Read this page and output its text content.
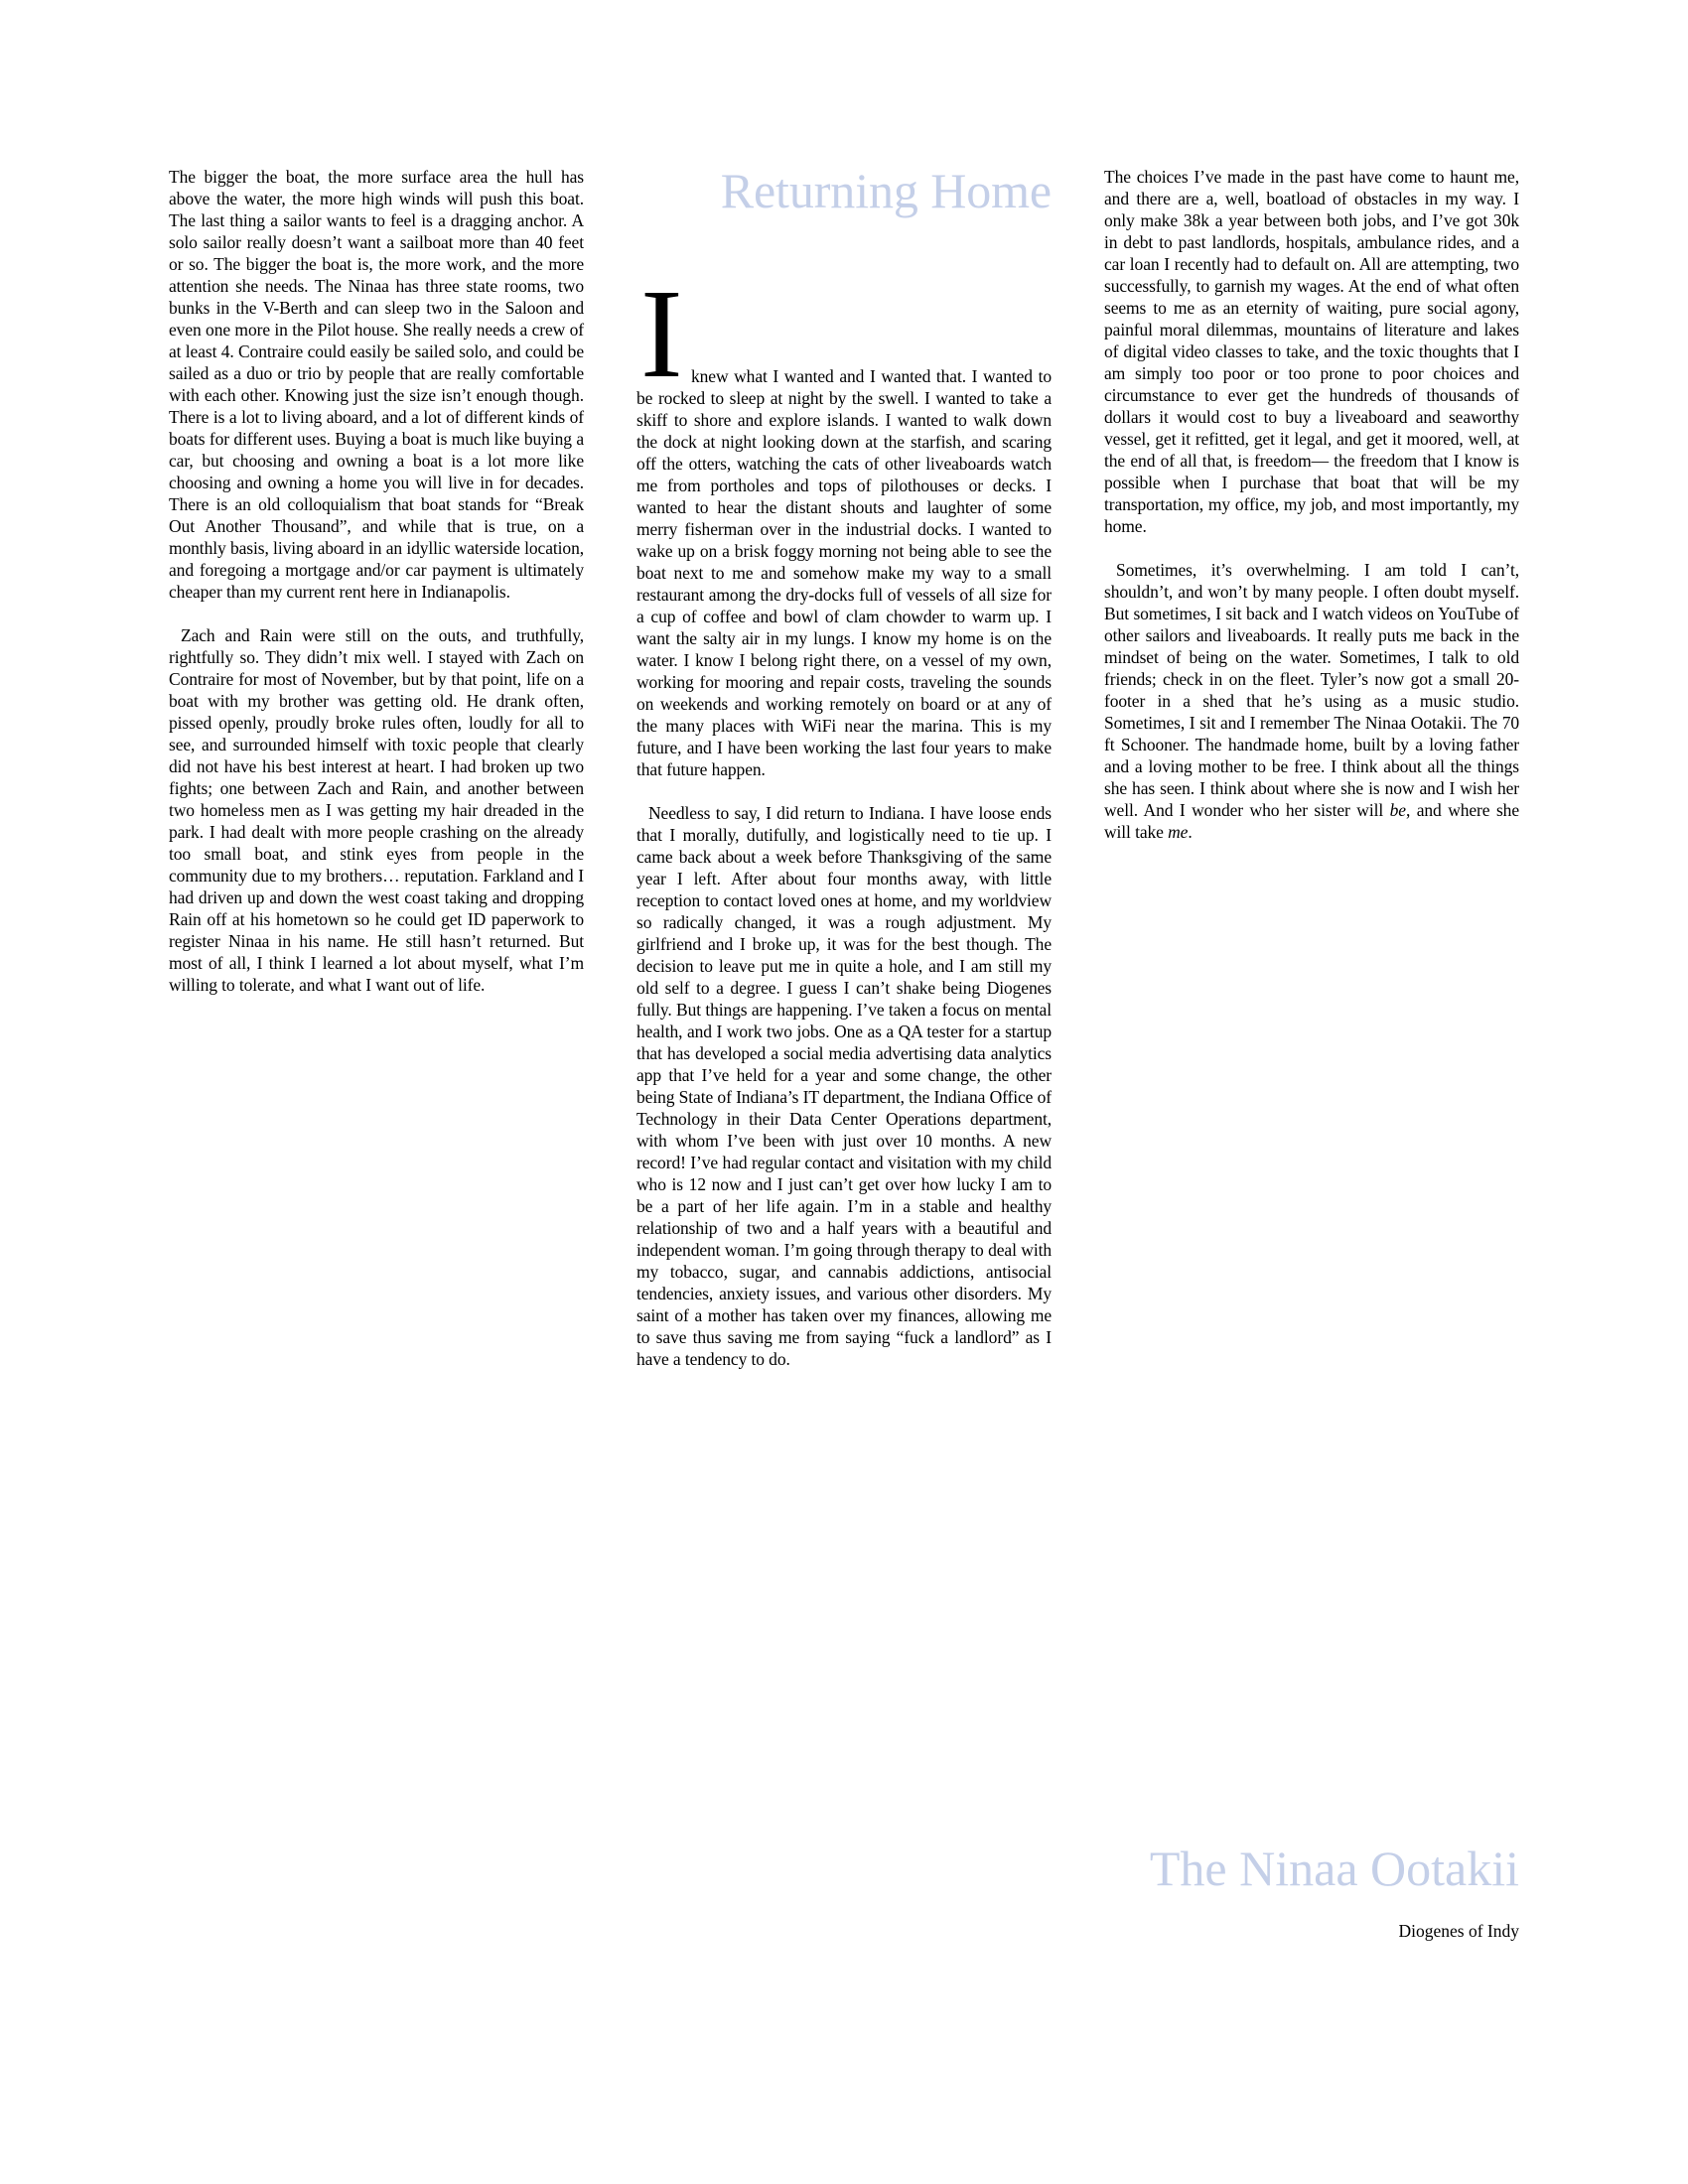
The bigger the boat, the more surface area the hull has above the water, the more high winds will push this boat. The last thing a sailor wants to feel is a dragging anchor. A solo sailor really doesn’t want a sailboat more than 40 feet or so. The bigger the boat is, the more work, and the more attention she needs. The Ninaa has three state rooms, two bunks in the V-Berth and can sleep two in the Saloon and even one more in the Pilot house. She really needs a crew of at least 4. Contraire could easily be sailed solo, and could be sailed as a duo or trio by people that are really comfortable with each other. Knowing just the size isn’t enough though. There is a lot to living aboard, and a lot of different kinds of boats for different uses. Buying a boat is much like buying a car, but choosing and owning a boat is a lot more like choosing and owning a home you will live in for decades. There is an old colloquialism that boat stands for “Break Out Another Thousand”, and while that is true, on a monthly basis, living aboard in an idyllic waterside location, and foregoing a mortgage and/or car payment is ultimately cheaper than my current rent here in Indianapolis.

Zach and Rain were still on the outs, and truthfully, rightfully so. They didn’t mix well. I stayed with Zach on Contraire for most of November, but by that point, life on a boat with my brother was getting old. He drank often, pissed openly, proudly broke rules often, loudly for all to see, and surrounded himself with toxic people that clearly did not have his best interest at heart. I had broken up two fights; one between Zach and Rain, and another between two homeless men as I was getting my hair dreaded in the park. I had dealt with more people crashing on the already too small boat, and stink eyes from people in the community due to my brothers… reputation. Farkland and I had driven up and down the west coast taking and dropping Rain off at his hometown so he could get ID paperwork to register Ninaa in his name. He still hasn’t returned. But most of all, I think I learned a lot about myself, what I’m willing to tolerate, and what I want out of life.

Returning Home
I knew what I wanted and I wanted that. I wanted to be rocked to sleep at night by the swell. I wanted to take a skiff to shore and explore islands. I wanted to walk down the dock at night looking down at the starfish, and scaring off the otters, watching the cats of other liveaboards watch me from portholes and tops of pilothouses or decks. I wanted to hear the distant shouts and laughter of some merry fisherman over in the industrial docks. I wanted to wake up on a brisk foggy morning not being able to see the boat next to me and somehow make my way to a small restaurant among the dry-docks full of vessels of all size for a cup of coffee and bowl of clam chowder to warm up. I want the salty air in my lungs. I know my home is on the water. I know I belong right there, on a vessel of my own, working for mooring and repair costs, traveling the sounds on weekends and working remotely on board or at any of the many places with WiFi near the marina. This is my future, and I have been working the last four years to make that future happen.

Needless to say, I did return to Indiana. I have loose ends that I morally, dutifully, and logistically need to tie up. I came back about a week before Thanksgiving of the same year I left. After about four months away, with little reception to contact loved ones at home, and my worldview so radically changed, it was a rough adjustment. My girlfriend and I broke up, it was for the best though. The decision to leave put me in quite a hole, and I am still my old self to a degree. I guess I can’t shake being Diogenes fully. But things are happening. I’ve taken a focus on mental health, and I work two jobs. One as a QA tester for a startup that has developed a social media advertising data analytics app that I’ve held for a year and some change, the other being State of Indiana’s IT department, the Indiana Office of Technology in their Data Center Operations department, with whom I’ve been with just over 10 months. A new record! I’ve had regular contact and visitation with my child who is 12 now and I just can’t get over how lucky I am to be a part of her life again. I’m in a stable and healthy relationship of two and a half years with a beautiful and independent woman. I’m going through therapy to deal with my tobacco, sugar, and cannabis addictions, antisocial tendencies, anxiety issues, and various other disorders. My saint of a mother has taken over my finances, allowing me to save thus saving me from saying “fuck a landlord” as I have a tendency to do.

The choices I’ve made in the past have come to haunt me, and there are a, well, boatload of obstacles in my way. I only make 38k a year between both jobs, and I’ve got 30k in debt to past landlords, hospitals, ambulance rides, and a car loan I recently had to default on. All are attempting, two successfully, to garnish my wages. At the end of what often seems to me as an eternity of waiting, pure social agony, painful moral dilemmas, mountains of literature and lakes of digital video classes to take, and the toxic thoughts that I am simply too poor or too prone to poor choices and circumstance to ever get the hundreds of thousands of dollars it would cost to buy a liveaboard and seaworthy vessel, get it refitted, get it legal, and get it moored, well, at the end of all that, is freedom— the freedom that I know is possible when I purchase that boat that will be my transportation, my office, my job, and most importantly, my home.

Sometimes, it’s overwhelming. I am told I can’t, shouldn’t, and won’t by many people. I often doubt myself. But sometimes, I sit back and I watch videos on YouTube of other sailors and liveaboards. It really puts me back in the mindset of being on the water. Sometimes, I talk to old friends; check in on the fleet. Tyler’s now got a small 20-footer in a shed that he’s using as a music studio. Sometimes, I sit and I remember The Ninaa Ootakii. The 70 ft Schooner. The handmade home, built by a loving father and a loving mother to be free. I think about all the things she has seen. I think about where she is now and I wish her well. And I wonder who her sister will be, and where she will take me.

The Ninaa Ootakii

Diogenes of Indy
